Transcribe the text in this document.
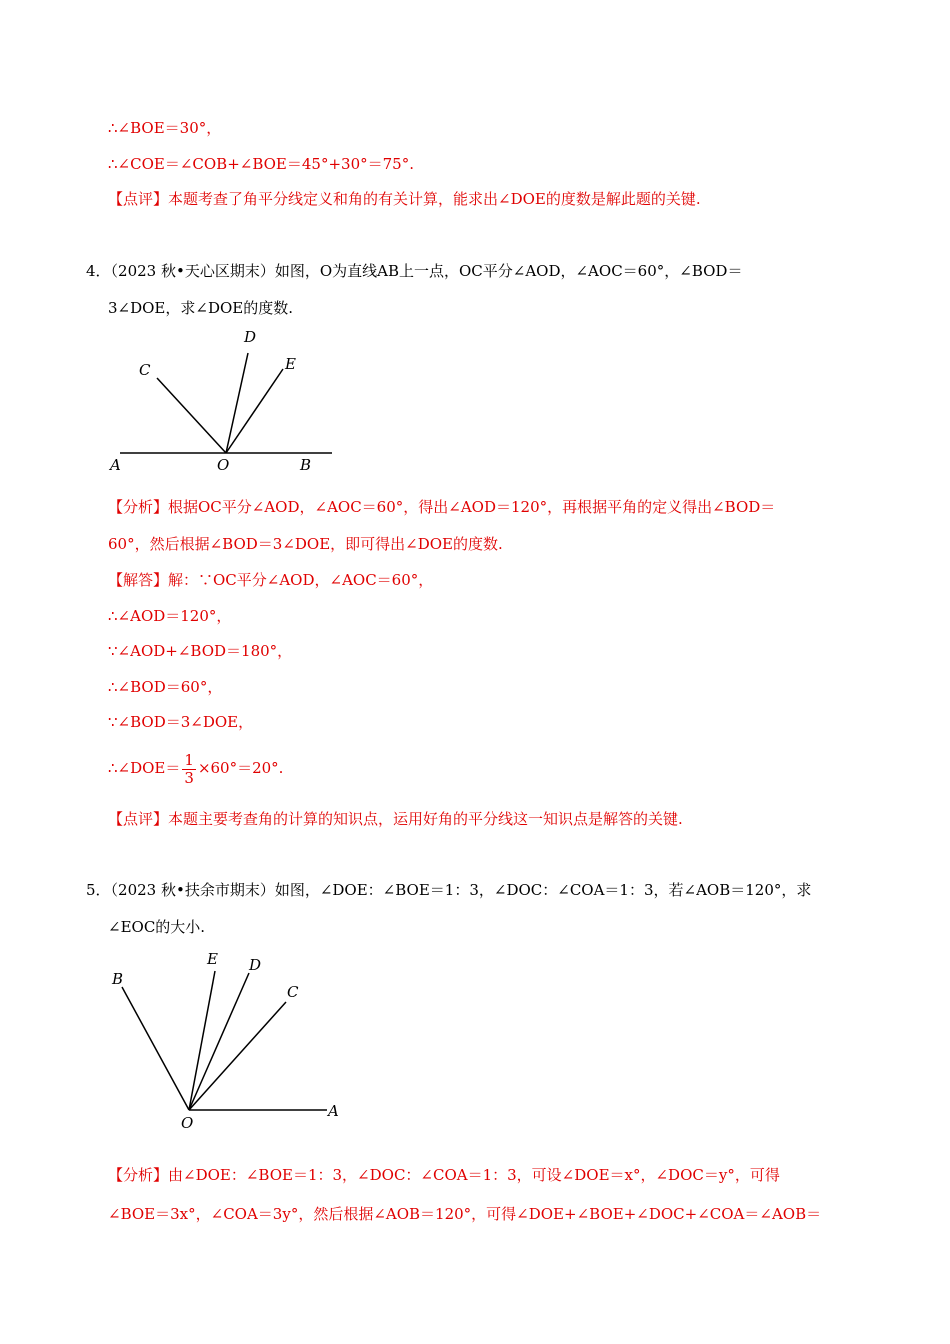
∴∠BOE＝30°，
∴∠COE＝∠COB+∠BOE＝45°+30°＝75°.
【点评】本题考查了角平分线定义和角的有关计算，能求出∠DOE的度数是解此题的关键.
4．（2023 秋•天心区期末）如图，O为直线AB上一点，OC平分∠AOD，∠AOC＝60°，∠BOD＝
3∠DOE，求∠DOE的度数.
A	O	B
C
D
E
【分析】根据OC平分∠AOD，∠AOC＝60°，得出∠AOD＝120°，再根据平角的定义得出∠BOD＝
60°，然后根据∠BOD＝3∠DOE，即可得出∠DOE的度数.
【解答】解：∵OC平分∠AOD，∠AOC＝60°，
∴∠AOD＝120°，
∵∠AOD+∠BOD＝180°，
∴∠BOD＝60°，
∵∠BOD＝3∠DOE，
∴∠DOE＝ $\frac{1}{3} \times 60^\circ=20^\circ$.
【点评】本题主要考查角的计算的知识点，运用好角的平分线这一知识点是解答的关键.
5．（2023 秋•扶余市期末）如图，∠DOE：∠BOE＝1：3，∠DOC：∠COA＝1：3，若∠AOB＝120°，求
∠EOC的大小.
B
E D
C
O
A
【分析】由∠DOE：∠BOE＝1：3，∠DOC：∠COA＝1：3，可设∠DOE＝x°，∠DOC＝y°，可得
∠BOE＝3x°，∠COA＝3y°，然后根据∠AOB＝120°，可得∠DOE+∠BOE+∠DOC+∠COA＝∠AOB＝
